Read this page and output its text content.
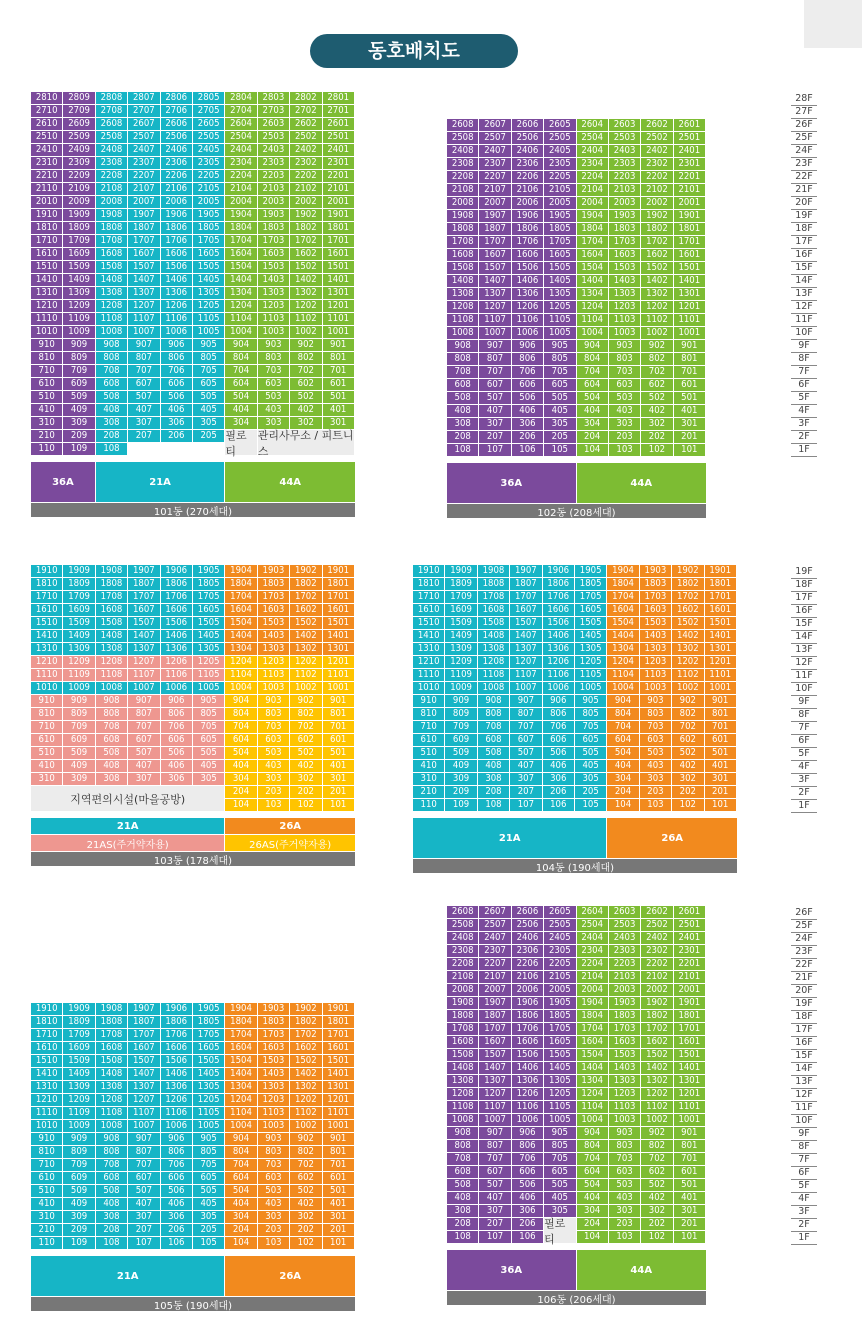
동호배치도
2810	2809	2808	2807	2806	2805	2804	2803	2802	2801
2710	2709	2708	2707	2706	2705	2704	2703	2702	2701
2610	2609	2608	2607	2606	2605	2604	2603	2602	2601
2510	2509	2508	2507	2506	2505	2504	2503	2502	2501
2410	2409	2408	2407	2406	2405	2404	2403	2402	2401
2310	2309	2308	2307	2306	2305	2304	2303	2302	2301
2210	2209	2208	2207	2206	2205	2204	2203	2202	2201
2110	2109	2108	2107	2106	2105	2104	2103	2102	2101
2010	2009	2008	2007	2006	2005	2004	2003	2002	2001
1910	1909	1908	1907	1906	1905	1904	1903	1902	1901
1810	1809	1808	1807	1806	1805	1804	1803	1802	1801
1710	1709	1708	1707	1706	1705	1704	1703	1702	1701
1610	1609	1608	1607	1606	1605	1604	1603	1602	1601
1510	1509	1508	1507	1506	1505	1504	1503	1502	1501
1410	1409	1408	1407	1406	1405	1404	1403	1402	1401
1310	1309	1308	1307	1306	1305	1304	1303	1302	1301
1210	1209	1208	1207	1206	1205	1204	1203	1202	1201
1110	1109	1108	1107	1106	1105	1104	1103	1102	1101
1010	1009	1008	1007	1006	1005	1004	1003	1002	1001
910	909	908	907	906	905	904	903	902	901
810	809	808	807	806	805	804	803	802	801
710	709	708	707	706	705	704	703	702	701
610	609	608	607	606	605	604	603	602	601
510	509	508	507	506	505	504	503	502	501
410	409	408	407	406	405	404	403	402	401
310	309	308	307	306	305	304	303	302	301
210	209	208	207	206	205
110	109	108
필로티
관리사무소 / 피트니스
36A	21A	44A
101동 (270세대)
2608	2607	2606	2605	2604	2603	2602	2601
2508	2507	2506	2505	2504	2503	2502	2501
2408	2407	2406	2405	2404	2403	2402	2401
2308	2307	2306	2305	2304	2303	2302	2301
2208	2207	2206	2205	2204	2203	2202	2201
2108	2107	2106	2105	2104	2103	2102	2101
2008	2007	2006	2005	2004	2003	2002	2001
1908	1907	1906	1905	1904	1903	1902	1901
1808	1807	1806	1805	1804	1803	1802	1801
1708	1707	1706	1705	1704	1703	1702	1701
1608	1607	1606	1605	1604	1603	1602	1601
1508	1507	1506	1505	1504	1503	1502	1501
1408	1407	1406	1405	1404	1403	1402	1401
1308	1307	1306	1305	1304	1303	1302	1301
1208	1207	1206	1205	1204	1203	1202	1201
1108	1107	1106	1105	1104	1103	1102	1101
1008	1007	1006	1005	1004	1003	1002	1001
908	907	906	905	904	903	902	901
808	807	806	805	804	803	802	801
708	707	706	705	704	703	702	701
608	607	606	605	604	603	602	601
508	507	506	505	504	503	502	501
408	407	406	405	404	403	402	401
308	307	306	305	304	303	302	301
208	207	206	205	204	203	202	201
108	107	106	105	104	103	102	101
36A	44A
102동 (208세대)
1910	1909	1908	1907	1906	1905	1904	1903	1902	1901
1810	1809	1808	1807	1806	1805	1804	1803	1802	1801
1710	1709	1708	1707	1706	1705	1704	1703	1702	1701
1610	1609	1608	1607	1606	1605	1604	1603	1602	1601
1510	1509	1508	1507	1506	1505	1504	1503	1502	1501
1410	1409	1408	1407	1406	1405	1404	1403	1402	1401
1310	1309	1308	1307	1306	1305	1304	1303	1302	1301
1210	1209	1208	1207	1206	1205	1204	1203	1202	1201
1110	1109	1108	1107	1106	1105	1104	1103	1102	1101
1010	1009	1008	1007	1006	1005	1004	1003	1002	1001
910	909	908	907	906	905	904	903	902	901
810	809	808	807	806	805	804	803	802	801
710	709	708	707	706	705	704	703	702	701
610	609	608	607	606	605	604	603	602	601
510	509	508	507	506	505	504	503	502	501
410	409	408	407	406	405	404	403	402	401
310	309	308	307	306	305	304	303	302	301
204	203	202	201
104	103	102	101
지역편의시설(마을공방)
21A	26A
21AS(주거약자용)	26AS(주거약자용)
103동 (178세대)
1910	1909	1908	1907	1906	1905	1904	1903	1902	1901
1810	1809	1808	1807	1806	1805	1804	1803	1802	1801
1710	1709	1708	1707	1706	1705	1704	1703	1702	1701
1610	1609	1608	1607	1606	1605	1604	1603	1602	1601
1510	1509	1508	1507	1506	1505	1504	1503	1502	1501
1410	1409	1408	1407	1406	1405	1404	1403	1402	1401
1310	1309	1308	1307	1306	1305	1304	1303	1302	1301
1210	1209	1208	1207	1206	1205	1204	1203	1202	1201
1110	1109	1108	1107	1106	1105	1104	1103	1102	1101
1010	1009	1008	1007	1006	1005	1004	1003	1002	1001
910	909	908	907	906	905	904	903	902	901
810	809	808	807	806	805	804	803	802	801
710	709	708	707	706	705	704	703	702	701
610	609	608	607	606	605	604	603	602	601
510	509	508	507	506	505	504	503	502	501
410	409	408	407	406	405	404	403	402	401
310	309	308	307	306	305	304	303	302	301
210	209	208	207	206	205	204	203	202	201
110	109	108	107	106	105	104	103	102	101
21A	26A
104동 (190세대)
1910	1909	1908	1907	1906	1905	1904	1903	1902	1901
1810	1809	1808	1807	1806	1805	1804	1803	1802	1801
1710	1709	1708	1707	1706	1705	1704	1703	1702	1701
1610	1609	1608	1607	1606	1605	1604	1603	1602	1601
1510	1509	1508	1507	1506	1505	1504	1503	1502	1501
1410	1409	1408	1407	1406	1405	1404	1403	1402	1401
1310	1309	1308	1307	1306	1305	1304	1303	1302	1301
1210	1209	1208	1207	1206	1205	1204	1203	1202	1201
1110	1109	1108	1107	1106	1105	1104	1103	1102	1101
1010	1009	1008	1007	1006	1005	1004	1003	1002	1001
910	909	908	907	906	905	904	903	902	901
810	809	808	807	806	805	804	803	802	801
710	709	708	707	706	705	704	703	702	701
610	609	608	607	606	605	604	603	602	601
510	509	508	507	506	505	504	503	502	501
410	409	408	407	406	405	404	403	402	401
310	309	308	307	306	305	304	303	302	301
210	209	208	207	206	205	204	203	202	201
110	109	108	107	106	105	104	103	102	101
21A	26A
105동 (190세대)
2608	2607	2606	2605	2604	2603	2602	2601
2508	2507	2506	2505	2504	2503	2502	2501
2408	2407	2406	2405	2404	2403	2402	2401
2308	2307	2306	2305	2304	2303	2302	2301
2208	2207	2206	2205	2204	2203	2202	2201
2108	2107	2106	2105	2104	2103	2102	2101
2008	2007	2006	2005	2004	2003	2002	2001
1908	1907	1906	1905	1904	1903	1902	1901
1808	1807	1806	1805	1804	1803	1802	1801
1708	1707	1706	1705	1704	1703	1702	1701
1608	1607	1606	1605	1604	1603	1602	1601
1508	1507	1506	1505	1504	1503	1502	1501
1408	1407	1406	1405	1404	1403	1402	1401
1308	1307	1306	1305	1304	1303	1302	1301
1208	1207	1206	1205	1204	1203	1202	1201
1108	1107	1106	1105	1104	1103	1102	1101
1008	1007	1006	1005	1004	1003	1002	1001
908	907	906	905	904	903	902	901
808	807	806	805	804	803	802	801
708	707	706	705	704	703	702	701
608	607	606	605	604	603	602	601
508	507	506	505	504	503	502	501
408	407	406	405	404	403	402	401
308	307	306	305	304	303	302	301
208	207	206	204	203	202	201
108	107	106	104	103	102	101
필로티
36A	44A
106동 (206세대)
28F
27F
26F
25F
24F
23F
22F
21F
20F
19F
18F
17F
16F
15F
14F
13F
12F
11F
10F
9F
8F
7F
6F
5F
4F
3F
2F
1F
19F
18F
17F
16F
15F
14F
13F
12F
11F
10F
9F
8F
7F
6F
5F
4F
3F
2F
1F
26F
25F
24F
23F
22F
21F
20F
19F
18F
17F
16F
15F
14F
13F
12F
11F
10F
9F
8F
7F
6F
5F
4F
3F
2F
1F
